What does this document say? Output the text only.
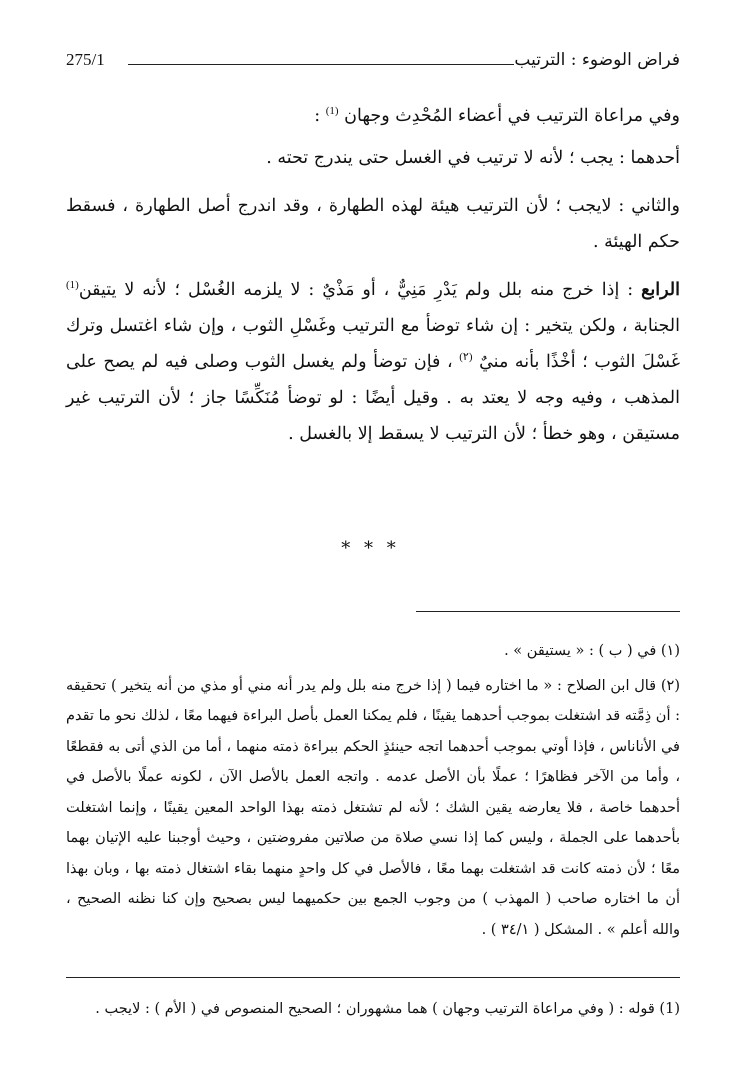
فراض الوضوء : الترتيب
275/1

وفي مراعاة الترتيب في أعضاء المُحْدِث وجهان $^{(1)}$ :

أحدهما : يجب ؛ لأنه لا ترتيب في الغسل حتى يندرج تحته .

والثاني : لايجب ؛ لأن الترتيب هيئة لهذه الطهارة ، وقد اندرج أصل الطهارة ، فسقط حكم الهيئة .

الرابع : إذا خرج منه بلل ولم يَدْرِ مَنِيٌّ ، أو مَذْيٌ : لا يلزمه الغُسْل ؛ لأنه لا يتيقن$^{(1)}$ الجنابة ، ولكن يتخير : إن شاء توضأ مع الترتيب وغَسْلِ الثوب ، وإن شاء اغتسل وترك غَسْلَ الثوب ؛ أخْذًا بأنه منيٌ $^{(٢)}$ ، فإن توضأ ولم يغسل الثوب وصلى فيه لم يصح على المذهب ، وفيه وجه لا يعتد به . وقيل أيضًا : لو توضأ مُنَكِّسًا جاز ؛ لأن الترتيب غير مستيقن ، وهو خطأ ؛ لأن الترتيب لا يسقط إلا بالغسل .

* * *

(١) في ( ب ) : « يستيقن » .

(٢) قال ابن الصلاح : « ما اختاره فيما ( إذا خرج منه بلل ولم يدر أنه مني أو مذي من أنه يتخير ) تحقيقه : أن ذِمَّته قد اشتغلت بموجب أحدهما يقينًا ، فلم يمكنا العمل بأصل البراءة فيهما معًا ، لذلك نحو ما تقدم في الأناناس ، فإذا أوتي بموجب أحدهما اتجه حينئذٍ الحكم ببراءة ذمته منهما ، أما من الذي أتى به فقطعًا ، وأما من الآخر فظاهرًا ؛ عملًا بأن الأصل عدمه . واتجه العمل بالأصل الآن ، لكونه عملًا بالأصل في أحدهما خاصة ، فلا يعارضه يقين الشك ؛ لأنه لم تشتغل ذمته بهذا الواحد المعين يقينًا ، وإنما اشتغلت بأحدهما على الجملة ، وليس كما إذا نسي صلاة من صلاتين مفروضتين ، وحيث أوجبنا عليه الإتيان بهما معًا ؛ لأن ذمته كانت قد اشتغلت بهما معًا ، فالأصل في كل واحدٍ منهما بقاء اشتغال ذمته بها ، وبان بهذا أن ما اختاره صاحب ( المهذب ) من وجوب الجمع بين حكميهما ليس بصحيح وإن كنا نظنه الصحيح ، والله أعلم » . المشكل ( ٣٤/١ ) .

(1) قوله : ( وفي مراعاة الترتيب وجهان ) هما مشهوران ؛ الصحيح المنصوص في ( الأم ) : لايجب .
